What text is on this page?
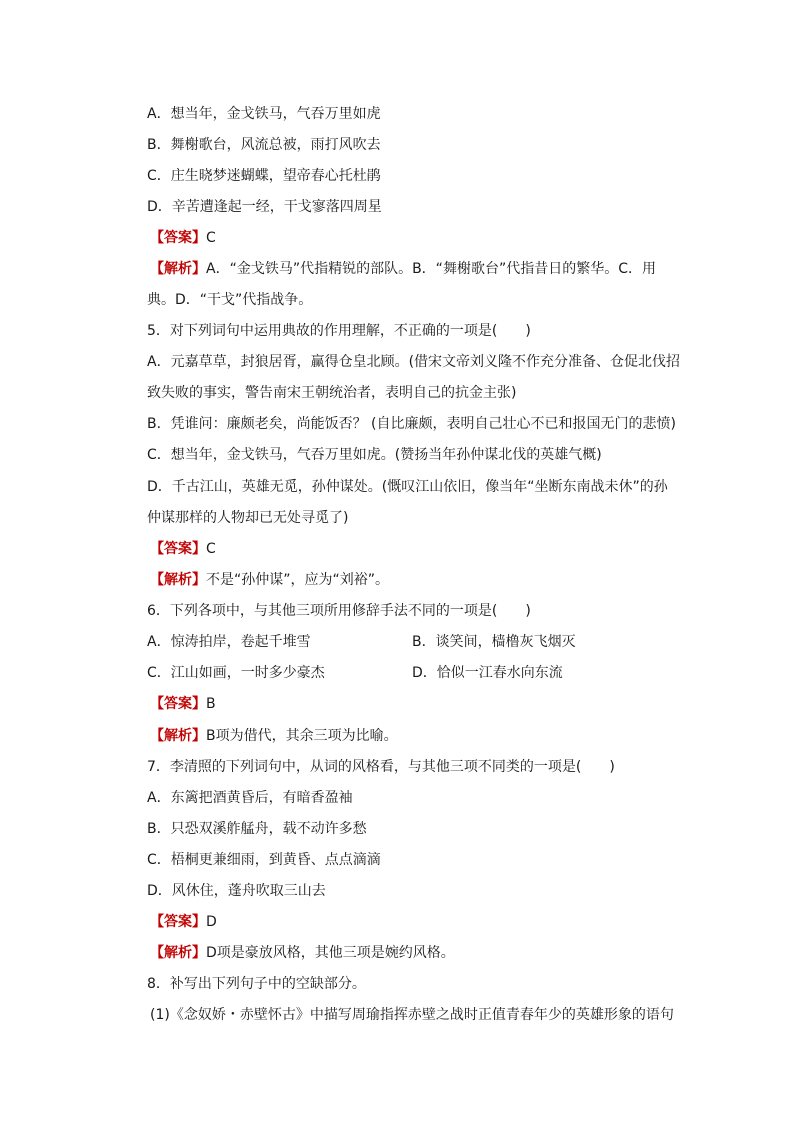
A．想当年，金戈铁马，气吞万里如虎
B．舞榭歌台，风流总被，雨打风吹去
C．庄生晓梦迷蝴蝶，望帝春心托杜鹃
D．辛苦遭逢起一经，干戈寥落四周星
【答案】C
【解析】A．“金戈铁马”代指精锐的部队。B．“舞榭歌台”代指昔日的繁华。C．用
典。D．“干戈”代指战争。
5．对下列词句中运用典故的作用理解，不正确的一项是(　　)
A．元嘉草草，封狼居胥，赢得仓皇北顾。(借宋文帝刘义隆不作充分准备、仓促北伐招
致失败的事实，警告南宋王朝统治者，表明自己的抗金主张)
B．凭谁问：廉颇老矣，尚能饭否？ (自比廉颇，表明自己壮心不已和报国无门的悲愤)
C．想当年，金戈铁马，气吞万里如虎。(赞扬当年孙仲谋北伐的英雄气概)
D．千古江山，英雄无觅，孙仲谋处。(慨叹江山依旧，像当年“坐断东南战未休”的孙
仲谋那样的人物却已无处寻觅了)
【答案】C
【解析】不是“孙仲谋”，应为“刘裕”。
6．下列各项中，与其他三项所用修辞手法不同的一项是(　　)
A．惊涛拍岸，卷起千堆雪	B．谈笑间，樯橹灰飞烟灭
C．江山如画，一时多少豪杰	D．恰似一江春水向东流
【答案】B
【解析】B项为借代，其余三项为比喻。
7．李清照的下列词句中，从词的风格看，与其他三项不同类的一项是(　　)
A．东篱把酒黄昏后，有暗香盈袖
B．只恐双溪舴艋舟，载不动许多愁
C．梧桐更兼细雨，到黄昏、点点滴滴
D．风休住，蓬舟吹取三山去
【答案】D
【解析】D项是豪放风格，其他三项是婉约风格。
8．补写出下列句子中的空缺部分。
(1)《念奴娇・赤壁怀古》中描写周瑜指挥赤壁之战时正值青春年少的英雄形象的语句
